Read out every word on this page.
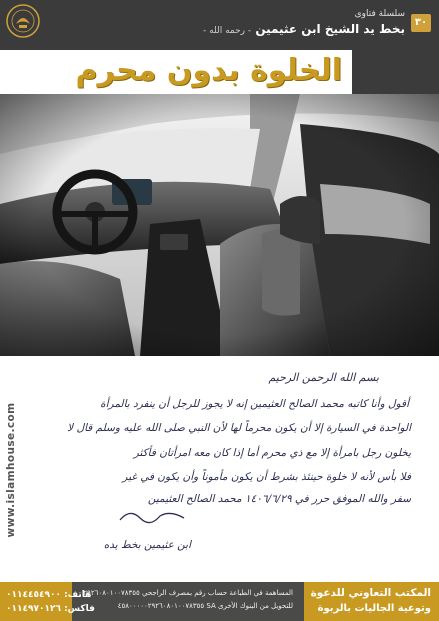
٣٠
سلسلة فتاوى
بخط يد الشيخ ابن عثيمين - رحمه الله -
الخلوة بدون محرم
www.islamhouse.com
بسم الله الرحمن الرحيم
أقول وأنا كاتبه محمد الصالح العثيمين إنه لا يجوز للرجل أن ينفرد بالمرأة
الواحدة في السيارة إلا أن يكون محرماً لها لأن النبي صلى الله عليه وسلم قال لا
يخلون رجل بامرأة إلا مع ذي محرم أما إذا كان معه امرأتان فأكثر
فلا بأس لأنه لا خلوة حينئذ بشرط أن يكون مأموناً وأن يكون في غير
سفر والله الموفق حرر في ١٤٠٦/٦/٢٩ محمد الصالح العثيمين
ابن عثيمين بخط يده
هاتف: ٠١١٤٤٥٤٩٠٠
فاكس: ٠١١٤٩٧٠١٢٦
المساهمة في الطباعة حساب رقم بمصرف الراجحي ٢٩٢٦٠٨٠١٠٠٧٨٣٥٥
للتحويل من البنوك الأخرى SA ٤٥٨٠٠٠٠٠٢٩٢٦٠٨٠١٠٠٧٨٣٥٥
المكتب التعاوني للدعوة
وتوعية الجاليات بالربوة
